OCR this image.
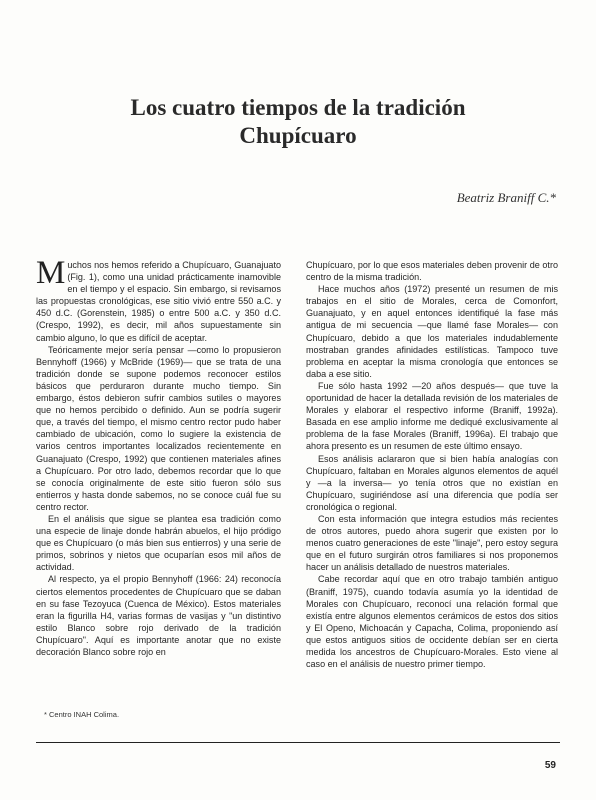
Los cuatro tiempos de la tradición
Chupícuaro
Beatriz Braniff C.*

Muchos nos hemos referido a Chupícuaro, Guanajuato (Fig. 1), como una unidad prácticamente inamovible en el tiempo y el espacio. Sin embargo, si revisamos las propuestas cronológicas, ese sitio vivió entre 550 a.C. y 450 d.C. (Gorenstein, 1985) o entre 500 a.C. y 350 d.C. (Crespo, 1992), es decir, mil años supuestamente sin cambio alguno, lo que es difícil de aceptar.

Teóricamente mejor sería pensar —como lo propusieron Bennyhoff (1966) y McBride (1969)— que se trata de una tradición donde se supone podemos reconocer estilos básicos que perduraron durante mucho tiempo. Sin embargo, éstos debieron sufrir cambios sutiles o mayores que no hemos percibido o definido. Aun se podría sugerir que, a través del tiempo, el mismo centro rector pudo haber cambiado de ubicación, como lo sugiere la existencia de varios centros importantes localizados recientemente en Guanajuato (Crespo, 1992) que contienen materiales afines a Chupícuaro. Por otro lado, debemos recordar que lo que se conocía originalmente de este sitio fueron sólo sus entierros y hasta donde sabemos, no se conoce cuál fue su centro rector.

En el análisis que sigue se plantea esa tradición como una especie de linaje donde habrán abuelos, el hijo pródigo que es Chupícuaro (o más bien sus entierros) y una serie de primos, sobrinos y nietos que ocuparían esos mil años de actividad.

Al respecto, ya el propio Bennyhoff (1966: 24) reconocía ciertos elementos procedentes de Chupícuaro que se daban en su fase Tezoyuca (Cuenca de México). Estos materiales eran la figurilla H4, varias formas de vasijas y "un distintivo estilo Blanco sobre rojo derivado de la tradición Chupícuaro". Aquí es importante anotar que no existe decoración Blanco sobre rojo en

Chupícuaro, por lo que esos materiales deben provenir de otro centro de la misma tradición.

Hace muchos años (1972) presenté un resumen de mis trabajos en el sitio de Morales, cerca de Comonfort, Guanajuato, y en aquel entonces identifiqué la fase más antigua de mi secuencia —que llamé fase Morales— con Chupícuaro, debido a que los materiales indudablemente mostraban grandes afinidades estilísticas. Tampoco tuve problema en aceptar la misma cronología que entonces se daba a ese sitio.

Fue sólo hasta 1992 —20 años después— que tuve la oportunidad de hacer la detallada revisión de los materiales de Morales y elaborar el respectivo informe (Braniff, 1992a). Basada en ese amplio informe me dediqué exclusivamente al problema de la fase Morales (Braniff, 1996a). El trabajo que ahora presento es un resumen de este último ensayo.

Esos análisis aclararon que si bien había analogías con Chupícuaro, faltaban en Morales algunos elementos de aquél y —a la inversa— yo tenía otros que no existían en Chupícuaro, sugiriéndose así una diferencia que podía ser cronológica o regional.

Con esta información que integra estudios más recientes de otros autores, puedo ahora sugerir que existen por lo menos cuatro generaciones de este "linaje", pero estoy segura que en el futuro surgirán otros familiares si nos proponemos hacer un análisis detallado de nuestros materiales.

Cabe recordar aquí que en otro trabajo también antiguo (Braniff, 1975), cuando todavía asumía yo la identidad de Morales con Chupícuaro, reconocí una relación formal que existía entre algunos elementos cerámicos de estos dos sitios y El Openo, Michoacán y Capacha, Colima, proponiendo así que estos antiguos sitios de occidente debían ser en cierta medida los ancestros de Chupícuaro-Morales. Esto viene al caso en el análisis de nuestro primer tiempo.

* Centro INAH Colima.
59
